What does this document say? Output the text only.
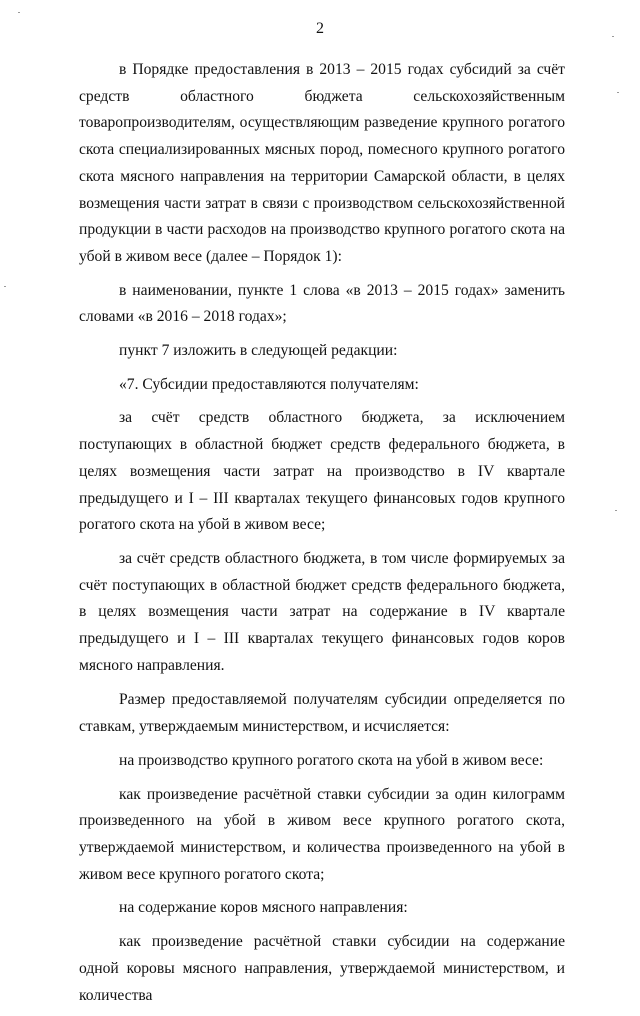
2

в Порядке предоставления в 2013 – 2015 годах субсидий за счёт средств областного бюджета сельскохозяйственным товаропроизводителям, осуществляющим разведение крупного рогатого скота специализированных мясных пород, помесного крупного рогатого скота мясного направления на территории Самарской области, в целях возмещения части затрат в связи с производством сельскохозяйственной продукции в части расходов на производство крупного рогатого скота на убой в живом весе (далее – Порядок 1):

в наименовании, пункте 1 слова «в 2013 – 2015 годах» заменить словами «в 2016 – 2018 годах»;

пункт 7 изложить в следующей редакции:

«7. Субсидии предоставляются получателям:

за счёт средств областного бюджета, за исключением поступающих в областной бюджет средств федерального бюджета, в целях возмещения части затрат на производство в IV квартале предыдущего и I – III кварталах текущего финансовых годов крупного рогатого скота на убой в живом весе;

за счёт средств областного бюджета, в том числе формируемых за счёт поступающих в областной бюджет средств федерального бюджета, в целях возмещения части затрат на содержание в IV квартале предыдущего и I – III кварталах текущего финансовых годов коров мясного направления.

Размер предоставляемой получателям субсидии определяется по ставкам, утверждаемым министерством, и исчисляется:

на производство крупного рогатого скота на убой в живом весе:

как произведение расчётной ставки субсидии за один килограмм произведенного на убой в живом весе крупного рогатого скота, утверждаемой министерством, и количества произведенного на убой в живом весе крупного рогатого скота;

на содержание коров мясного направления:

как произведение расчётной ставки субсидии на содержание одной коровы мясного направления, утверждаемой министерством, и количества
